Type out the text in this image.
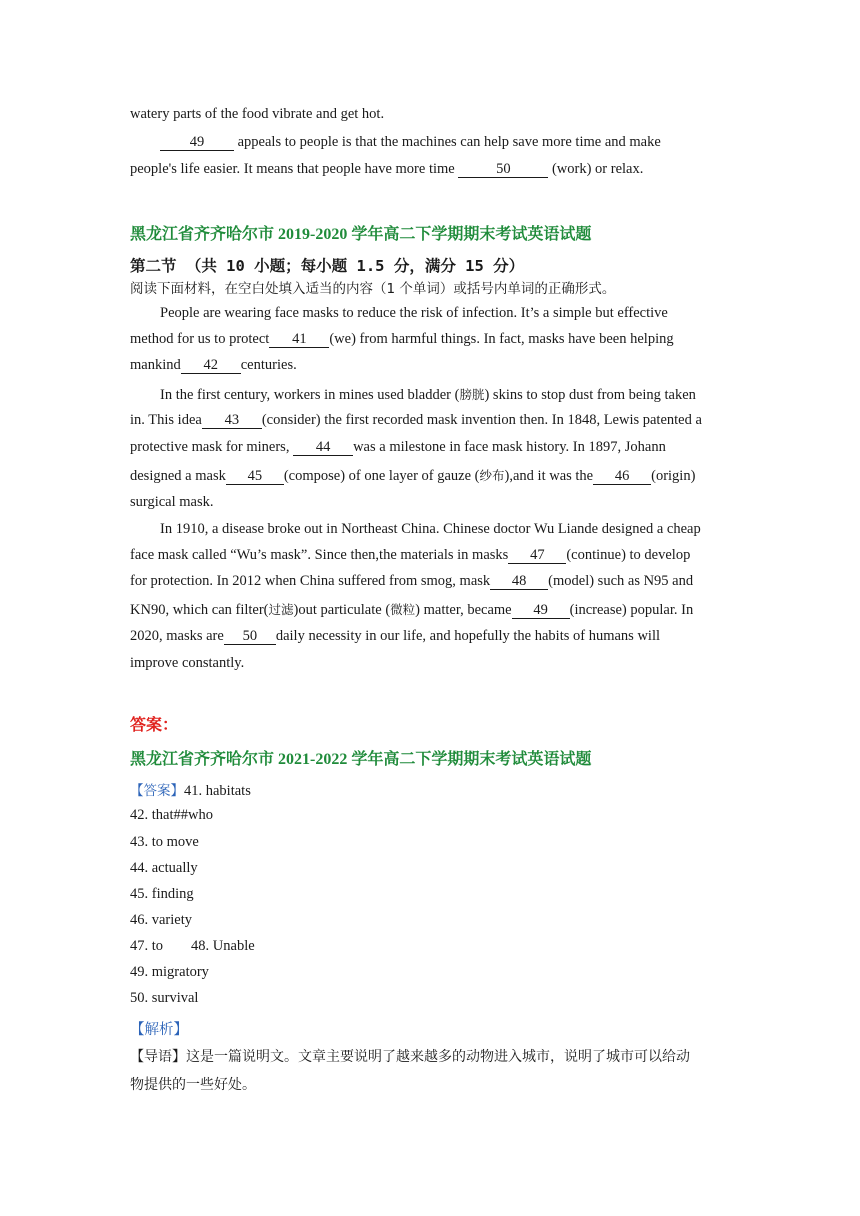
watery parts of the food vibrate and get hot.
49 appeals to people is that the machines can help save more time and make
people's life easier. It means that people have more time	50	(work) or relax.
黑龙江省齐齐哈尔市 2019-2020 学年高二下学期期末考试英语试题
第二节 （共 10 小题；每小题 1.5 分，满分 15 分）
阅读下面材料，在空白处填入适当的内容（1 个单词）或括号内单词的正确形式。
People are wearing face masks to reduce the risk of infection. It’s a simple but effective
method for us to protect 41 (we) from harmful things. In fact, masks have been helping
mankind 42 centuries.
In the first century, workers in mines used bladder (膀胱) skins to stop dust from being taken
in. This idea 43 (consider) the first recorded mask invention then. In 1848, Lewis patented a
protective mask for miners, 44 was a milestone in face mask history. In 1897, Johann
designed a mask 45 (compose) of one layer of gauze (纱布),and it was the 46 (origin)
surgical mask.
In 1910, a disease broke out in Northeast China. Chinese doctor Wu Liande designed a cheap
face mask called “Wu’s mask”. Since then,the materials in masks 47 (continue) to develop
for protection. In 2012 when China suffered from smog, mask 48 (model) such as N95 and
KN90, which can filter(过滤)out particulate (微粒) matter, became 49 (increase) popular. In
2020, masks are 50 daily necessity in our life, and hopefully the habits of humans will
improve constantly.
答案：
黑龙江省齐齐哈尔市 2021-2022 学年高二下学期期末考试英语试题
【答案】41. habitats
42. that##who
43. to move
44. actually
45. finding
46. variety
47. to 48. Unable
49. migratory
50. survival
【解析】
【导语】这是一篇说明文。文章主要说明了越来越多的动物进入城市，说明了城市可以给动
物提供的一些好处。
